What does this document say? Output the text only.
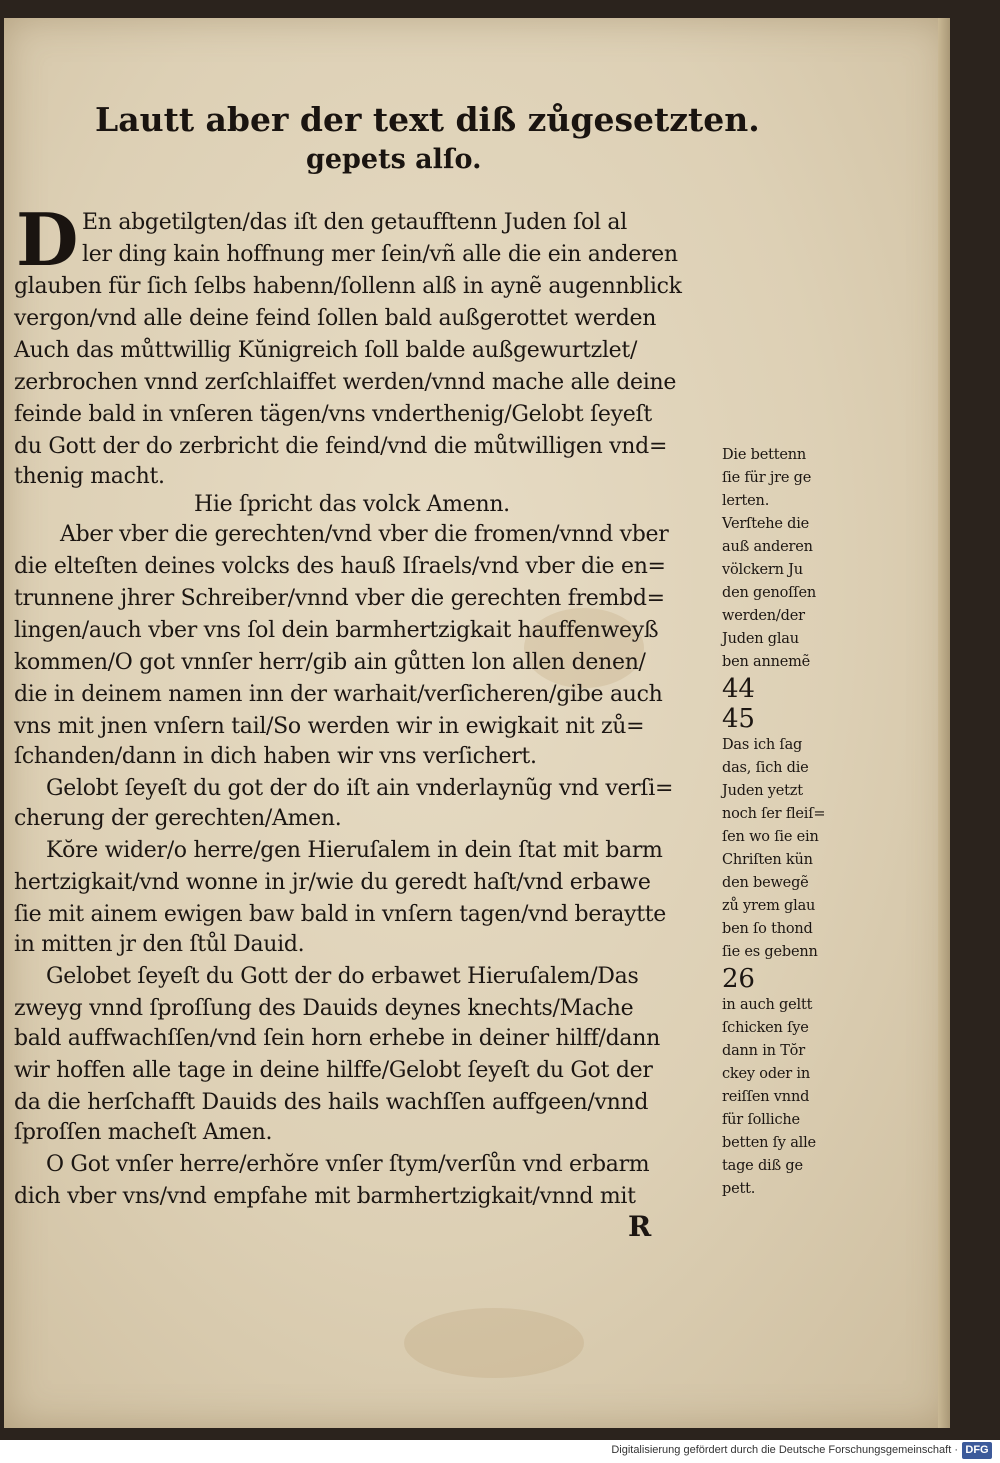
Lautt aber der text diß zůgesetzten.
gepets alſo.
D En abgetilgten/das iſt den getaufftenn Juden ſol al
ler ding kain hoffnung mer ſein/vñ alle die ein anderen
glauben für ſich ſelbs habenn/ſollenn alß in aynẽ augennblick
vergon/vnd alle deine feind ſollen bald außgerottet werden
Auch das můttwillig Kŭnigreich ſoll balde außgewurtzlet/
zerbrochen vnnd zerſchlaiffet werden/vnnd mache alle deine
feinde bald in vnſeren tägen/vns vnderthenig/Gelobt ſeyeſt
du Gott der do zerbricht die feind/vnd die můtwilligen vnd=
thenig macht.
Hie ſpricht das volck Amenn.
Aber vber die gerechten/vnd vber die fromen/vnnd vber
die elteſten deines volcks des hauß Iſraels/vnd vber die en=
trunnene jhrer Schreiber/vnnd vber die gerechten frembd=
lingen/auch vber vns ſol dein barmhertzigkait hauffenweyß
kommen/O got vnnſer herr/gib ain gůtten lon allen denen/
die in deinem namen inn der warhait/verſicheren/gibe auch
vns mit jnen vnſern tail/So werden wir in ewigkait nit zů=
ſchanden/dann in dich haben wir vns verſichert.
Gelobt ſeyeſt du got der do iſt ain vnderlaynũg vnd verſi=
cherung der gerechten/Amen.
Kŏre wider/o herre/gen Hieruſalem in dein ſtat mit barm
hertzigkait/vnd wonne in jr/wie du geredt haſt/vnd erbawe
ſie mit ainem ewigen baw bald in vnſern tagen/vnd beraytte
in mitten jr den ſtůl Dauid.
Gelobet ſeyeſt du Gott der do erbawet Hieruſalem/Das
zweyg vnnd ſproſſung des Dauids deynes knechts/Mache
bald auffwachſſen/vnd ſein horn erhebe in deiner hilff/dann
wir hoffen alle tage in deine hilffe/Gelobt ſeyeſt du Got der
da die herſchafft Dauids des hails wachſſen auffgeen/vnnd
ſproſſen macheſt Amen.
O Got vnſer herre/erhŏre vnſer ſtym/verſůn vnd erbarm
dich vber vns/vnd empfahe mit barmhertzigkait/vnnd mit
Die bettenn
ſie für jre ge
lerten.
Verſtehe die
auß anderen
völckern Ju
den genoſſen
werden/der
Juden glau
ben annemẽ
44
45
Das ich ſag
das, ſich die
Juden yetzt
noch ſer fleiſ=
ſen wo ſie ein
Chriſten kün
den bewegẽ
zů yrem glau
ben ſo thond
ſie es gebenn
26
in auch geltt
ſchicken ſye
dann in Tŏr
ckey oder in
reiſſen vnnd
für ſolliche
betten ſy alle
tage diß ge
pett.
R
Digitalisierung gefördert durch die Deutsche Forschungsgemeinschaft · DFG
